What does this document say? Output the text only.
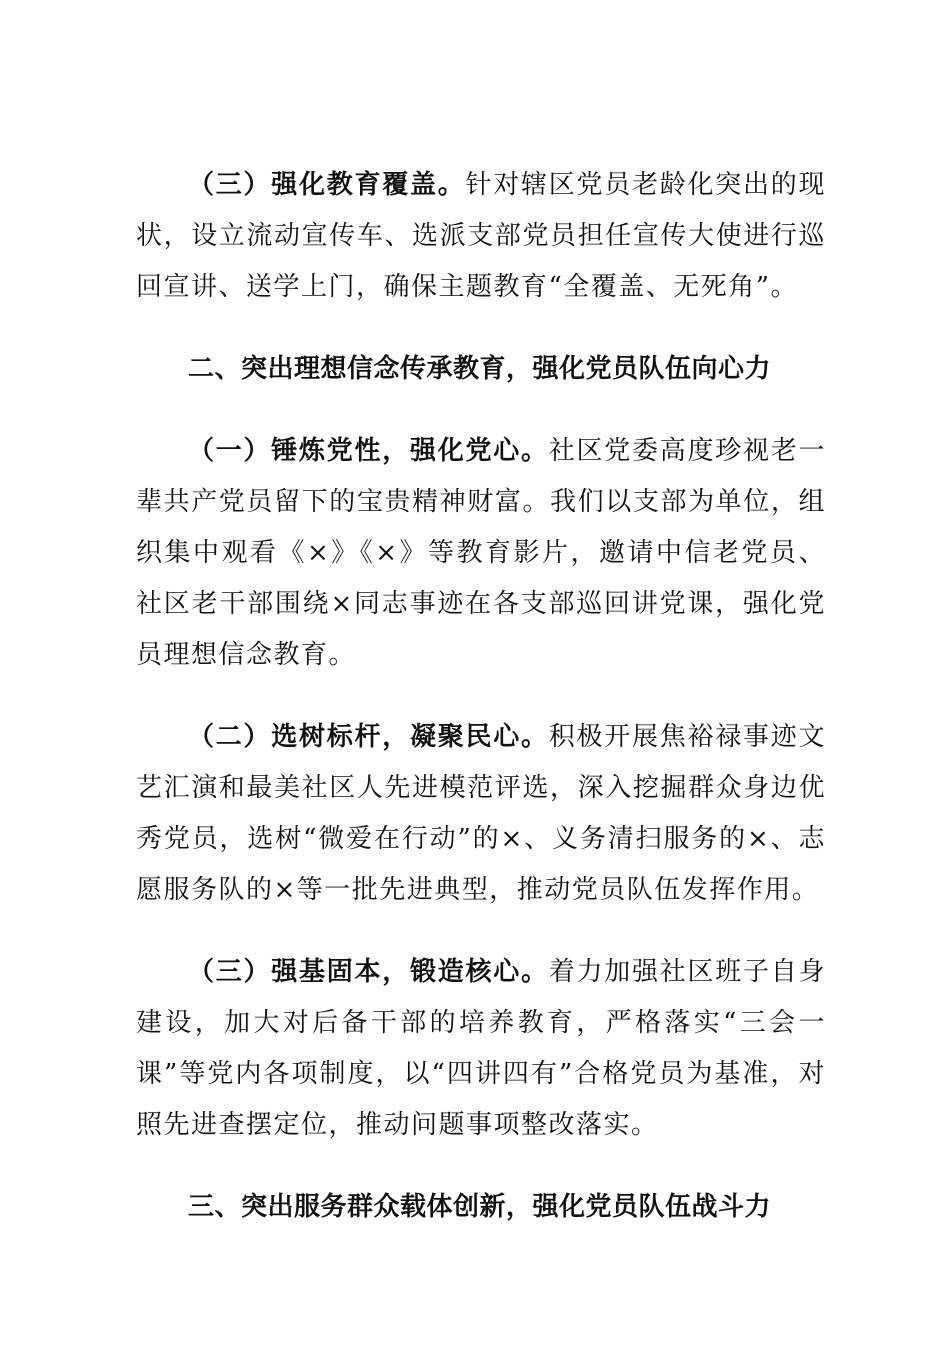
（三）强化教育覆盖。针对辖区党员老龄化突出的现状，设立流动宣传车、选派支部党员担任宣传大使进行巡回宣讲、送学上门，确保主题教育“全覆盖、无死角”。

二、突出理想信念传承教育，强化党员队伍向心力

（一）锤炼党性，强化党心。社区党委高度珍视老一辈共产党员留下的宝贵精神财富。我们以支部为单位，组织集中观看《×》《×》等教育影片，邀请中信老党员、社区老干部围绕×同志事迹在各支部巡回讲党课，强化党员理想信念教育。

（二）选树标杆，凝聚民心。积极开展焦裕禄事迹文艺汇演和最美社区人先进模范评选，深入挖掘群众身边优秀党员，选树“微爱在行动”的×、义务清扫服务的×、志愿服务队的×等一批先进典型，推动党员队伍发挥作用。

（三）强基固本，锻造核心。着力加强社区班子自身建设，加大对后备干部的培养教育，严格落实“三会一课”等党内各项制度，以“四讲四有”合格党员为基准，对照先进查摆定位，推动问题事项整改落实。

三、突出服务群众载体创新，强化党员队伍战斗力
